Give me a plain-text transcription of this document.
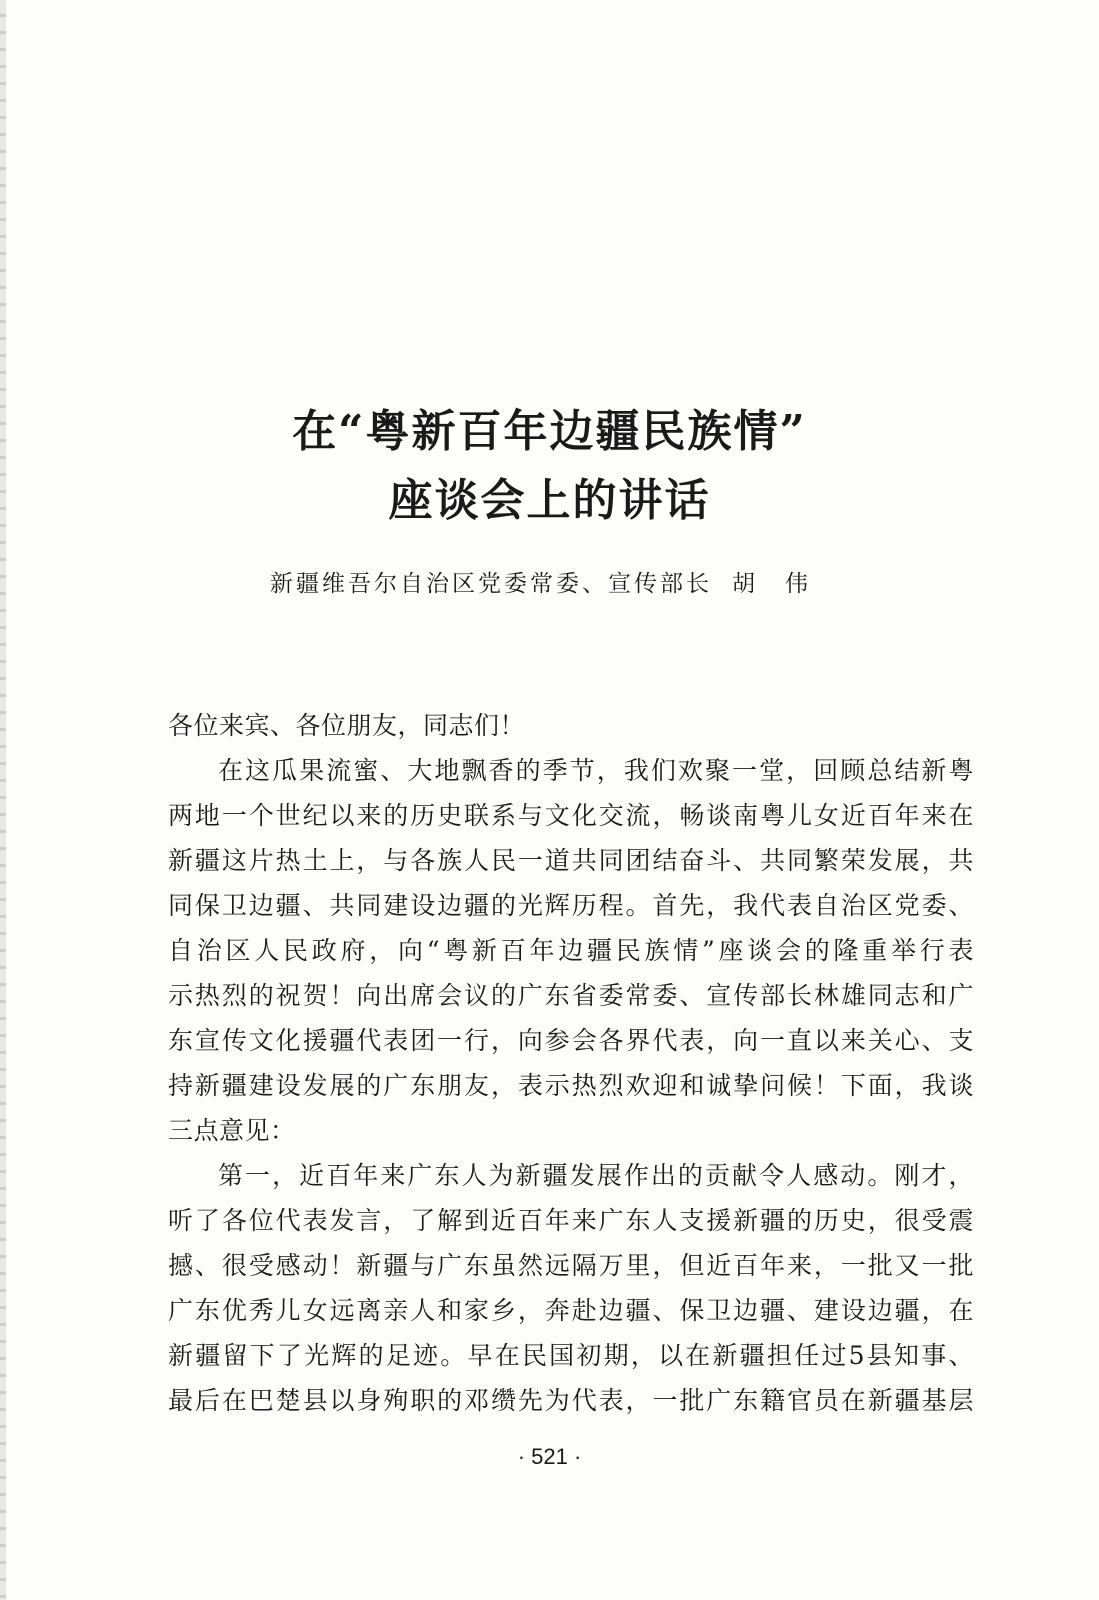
在“粤新百年边疆民族情”
座谈会上的讲话
新疆维吾尔自治区党委常委、宣传部长 胡伟
各位来宾、各位朋友，同志们！
在这瓜果流蜜、大地飘香的季节，我们欢聚一堂，回顾总结新粤
两地一个世纪以来的历史联系与文化交流，畅谈南粤儿女近百年来在
新疆这片热土上，与各族人民一道共同团结奋斗、共同繁荣发展，共
同保卫边疆、共同建设边疆的光辉历程。首先，我代表自治区党委、
自治区人民政府，向“粤新百年边疆民族情”座谈会的隆重举行表
示热烈的祝贺！向出席会议的广东省委常委、宣传部长林雄同志和广
东宣传文化援疆代表团一行，向参会各界代表，向一直以来关心、支
持新疆建设发展的广东朋友，表示热烈欢迎和诚挚问候！下面，我谈
三点意见：
第一，近百年来广东人为新疆发展作出的贡献令人感动。刚才，
听了各位代表发言，了解到近百年来广东人支援新疆的历史，很受震
撼、很受感动！新疆与广东虽然远隔万里，但近百年来，一批又一批
广东优秀儿女远离亲人和家乡，奔赴边疆、保卫边疆、建设边疆，在
新疆留下了光辉的足迹。早在民国初期，以在新疆担任过5县知事、
最后在巴楚县以身殉职的邓缵先为代表，一批广东籍官员在新疆基层
· 521 ·
